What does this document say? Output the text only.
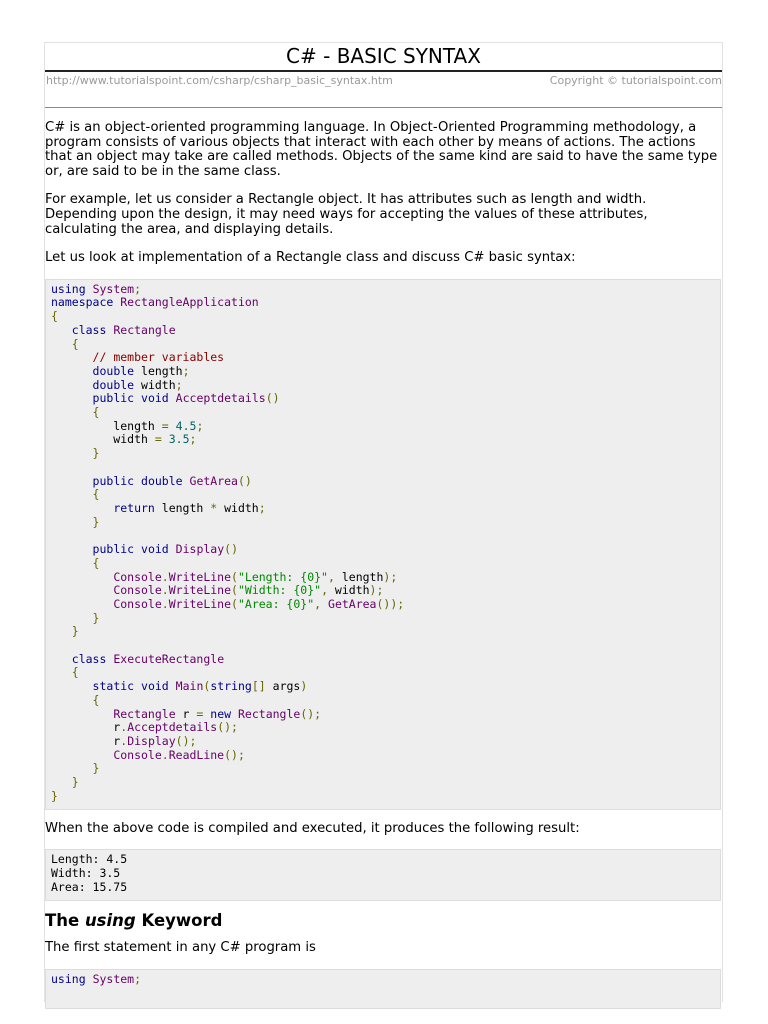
C# - BASIC SYNTAX
http://www.tutorialspoint.com/csharp/csharp_basic_syntax.htm	Copyright © tutorialspoint.com

C# is an object-oriented programming language. In Object-Oriented Programming methodology, a program consists of various objects that interact with each other by means of actions. The actions that an object may take are called methods. Objects of the same kind are said to have the same type or, are said to be in the same class.

For example, let us consider a Rectangle object. It has attributes such as length and width. Depending upon the design, it may need ways for accepting the values of these attributes, calculating the area, and displaying details.

Let us look at implementation of a Rectangle class and discuss C# basic syntax:

using System;
namespace RectangleApplication
{
class Rectangle
{
// member variables
double length;
double width;
public void Acceptdetails()
{
length = 4.5;
width = 3.5;
}

public double GetArea()
{
return length * width;
}

public void Display()
{
Console.WriteLine("Length: {0}", length);
Console.WriteLine("Width: {0}", width);
Console.WriteLine("Area: {0}", GetArea());
}
}

class ExecuteRectangle
{
static void Main(string[] args)
{
Rectangle r = new Rectangle();
r.Acceptdetails();
r.Display();
Console.ReadLine();
}
}
}

When the above code is compiled and executed, it produces the following result:

Length: 4.5
Width: 3.5
Area: 15.75
The using Keyword

The first statement in any C# program is

using System;
